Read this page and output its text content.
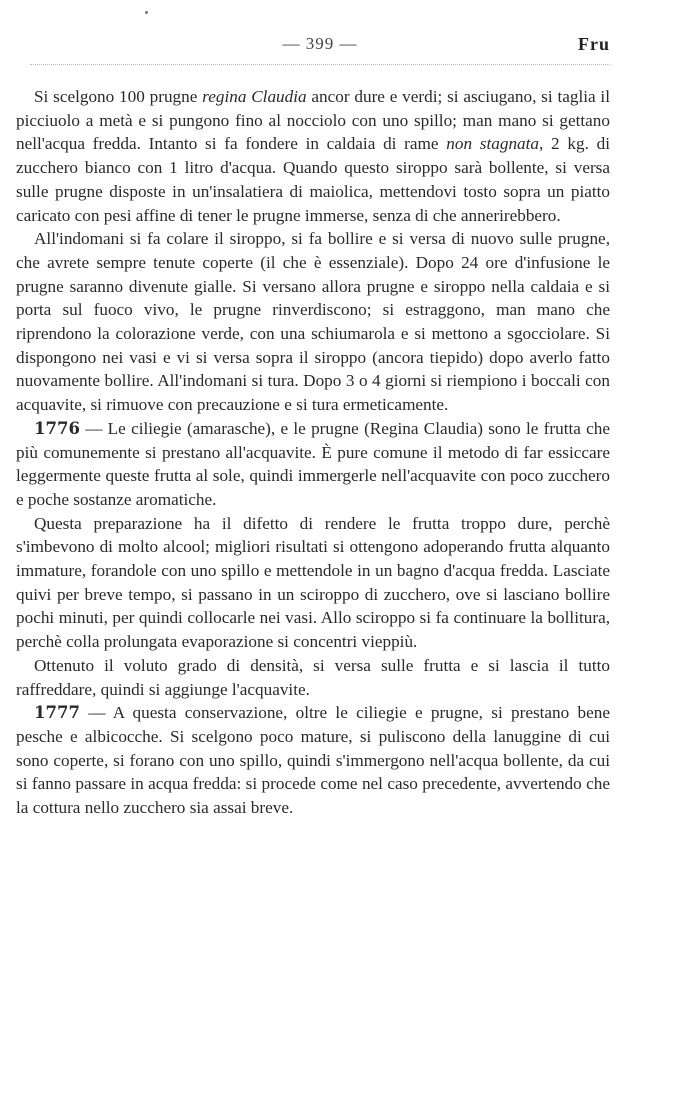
— 399 —	Fru

Si scelgono 100 prugne regina Claudia ancor dure e verdi; si asciugano, si taglia il picciuolo a metà e si pungono fino al nocciolo con uno spillo; man mano si gettano nell'acqua fredda. Intanto si fa fondere in caldaia di rame non stagnata, 2 kg. di zucchero bianco con 1 litro d'acqua. Quando questo siroppo sarà bollente, si versa sulle prugne disposte in un'insalatiera di maiolica, mettendovi tosto sopra un piatto caricato con pesi affine di tener le prugne immerse, senza di che annerirebbero.

All'indomani si fa colare il siroppo, si fa bollire e si versa di nuovo sulle prugne, che avrete sempre tenute coperte (il che è essenziale). Dopo 24 ore d'infusione le prugne saranno divenute gialle. Si versano allora prugne e siroppo nella caldaia e si porta sul fuoco vivo, le prugne rinverdiscono; si estraggono, man mano che riprendono la colorazione verde, con una schiumarola e si mettono a sgocciolare. Si dispongono nei vasi e vi si versa sopra il siroppo (ancora tiepido) dopo averlo fatto nuovamente bollire. All'indomani si tura. Dopo 3 o 4 giorni si riempiono i boccali con acquavite, si rimuove con precauzione e si tura ermeticamente.

1776 — Le ciliegie (amarasche), e le prugne (Regina Claudia) sono le frutta che più comunemente si prestano all'acquavite. È pure comune il metodo di far essiccare leggermente queste frutta al sole, quindi immergerle nell'acquavite con poco zucchero e poche sostanze aromatiche.

Questa preparazione ha il difetto di rendere le frutta troppo dure, perchè s'imbevono di molto alcool; migliori risultati si ottengono adoperando frutta alquanto immature, forandole con uno spillo e mettendole in un bagno d'acqua fredda. Lasciate quivi per breve tempo, si passano in un sciroppo di zucchero, ove si lasciano bollire pochi minuti, per quindi collocarle nei vasi. Allo sciroppo si fa continuare la bollitura, perchè colla prolungata evaporazione si concentri vieppiù.

Ottenuto il voluto grado di densità, si versa sulle frutta e si lascia il tutto raffreddare, quindi si aggiunge l'acquavite.

1777 — A questa conservazione, oltre le ciliegie e prugne, si prestano bene pesche e albicocche. Si scelgono poco mature, si puliscono della lanuggine di cui sono coperte, si forano con uno spillo, quindi s'immergono nell'acqua bollente, da cui si fanno passare in acqua fredda: si procede come nel caso precedente, avvertendo che la cottura nello zucchero sia assai breve.
